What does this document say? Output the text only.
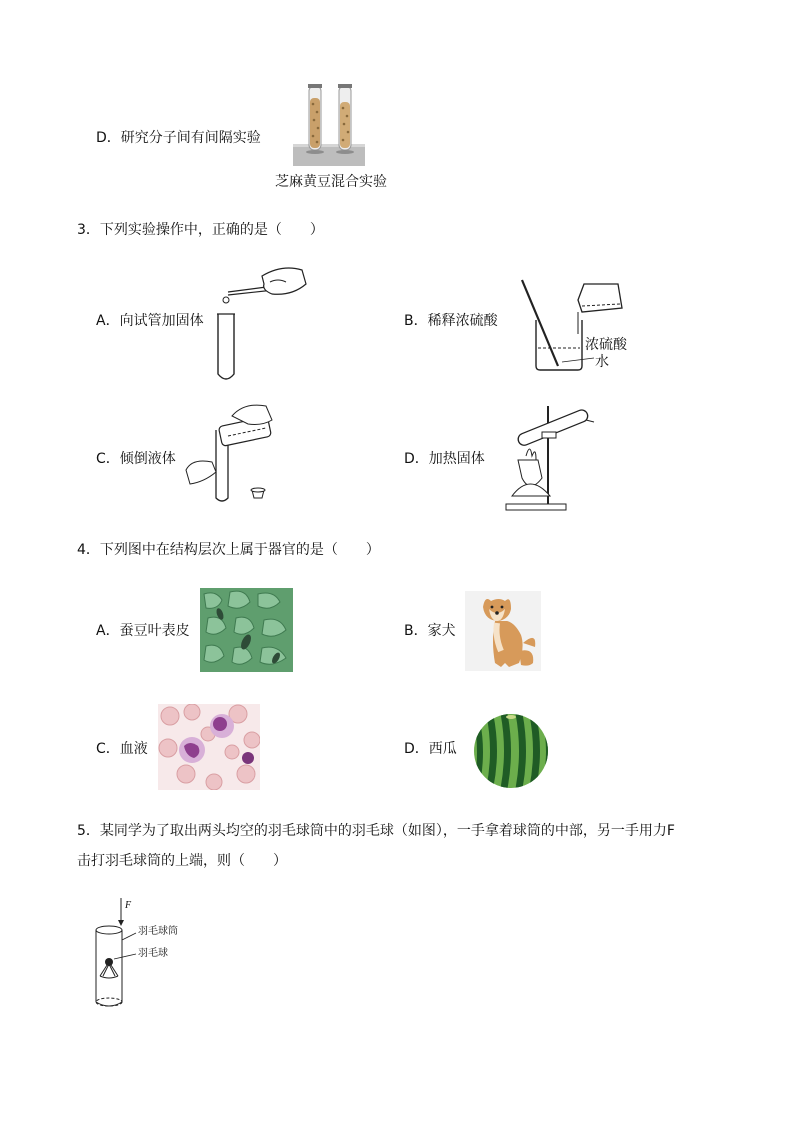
D．研究分子间有间隔实验
芝麻黄豆混合实验
3．下列实验操作中，正确的是（　　）
A．向试管加固体	B．稀释浓硫酸
浓硫酸
水
C．倾倒液体	D．加热固体
4．下列图中在结构层次上属于器官的是（　　）
A．蚕豆叶表皮	B．家犬
C．血液	D．西瓜
5．某同学为了取出两头均空的羽毛球筒中的羽毛球（如图），一手拿着球筒的中部，另一手用力F
击打羽毛球筒的上端，则（　　）
F
羽毛球筒
羽毛球
